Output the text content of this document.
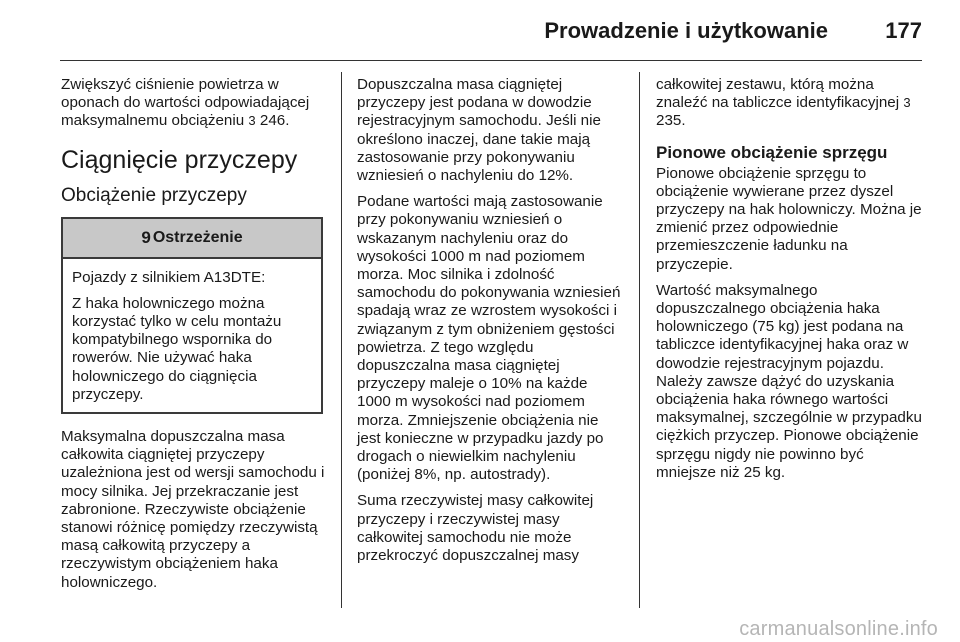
Prowadzenie i użytkowanie	177

Zwiększyć ciśnienie powietrza w oponach do wartości odpowiadającej maksymalnemu obciążeniu 3 246.

Ciągnięcie przyczepy
Obciążenie przyczepy
9 Ostrzeżenie

Pojazdy z silnikiem A13DTE:

Z haka holowniczego można korzystać tylko w celu montażu kompatybilnego wspornika do rowerów. Nie używać haka holowniczego do ciągnięcia przyczepy.

Maksymalna dopuszczalna masa całkowita ciągniętej przyczepy uzależniona jest od wersji samochodu i mocy silnika. Jej przekraczanie jest zabronione. Rzeczywiste obciążenie stanowi różnicę pomiędzy rzeczywistą masą całkowitą przyczepy a rzeczywistym obciążeniem haka holowniczego.

Dopuszczalna masa ciągniętej przyczepy jest podana w dowodzie rejestracyjnym samochodu. Jeśli nie określono inaczej, dane takie mają zastosowanie przy pokonywaniu wzniesień o nachyleniu do 12%.

Podane wartości mają zastosowanie przy pokonywaniu wzniesień o wskazanym nachyleniu oraz do wysokości 1000 m nad poziomem morza. Moc silnika i zdolność samochodu do pokonywania wzniesień spadają wraz ze wzrostem wysokości i związanym z tym obniżeniem gęstości powietrza. Z tego względu dopuszczalna masa ciągniętej przyczepy maleje o 10% na każde 1000 m wysokości nad poziomem morza. Zmniejszenie obciążenia nie jest konieczne w przypadku jazdy po drogach o niewielkim nachyleniu (poniżej 8%, np. autostrady).

Suma rzeczywistej masy całkowitej przyczepy i rzeczywistej masy całkowitej samochodu nie może przekroczyć dopuszczalnej masy

całkowitej zestawu, którą można znaleźć na tabliczce identyfikacyjnej 3 235.

Pionowe obciążenie sprzęgu

Pionowe obciążenie sprzęgu to obciążenie wywierane przez dyszel przyczepy na hak holowniczy. Można je zmienić przez odpowiednie przemieszczenie ładunku na przyczepie.

Wartość maksymalnego dopuszczalnego obciążenia haka holowniczego (75 kg) jest podana na tabliczce identyfikacyjnej haka oraz w dowodzie rejestracyjnym pojazdu. Należy zawsze dążyć do uzyskania obciążenia haka równego wartości maksymalnej, szczególnie w przypadku ciężkich przyczep. Pionowe obciążenie sprzęgu nigdy nie powinno być mniejsze niż 25 kg.

carmanualsonline.info
